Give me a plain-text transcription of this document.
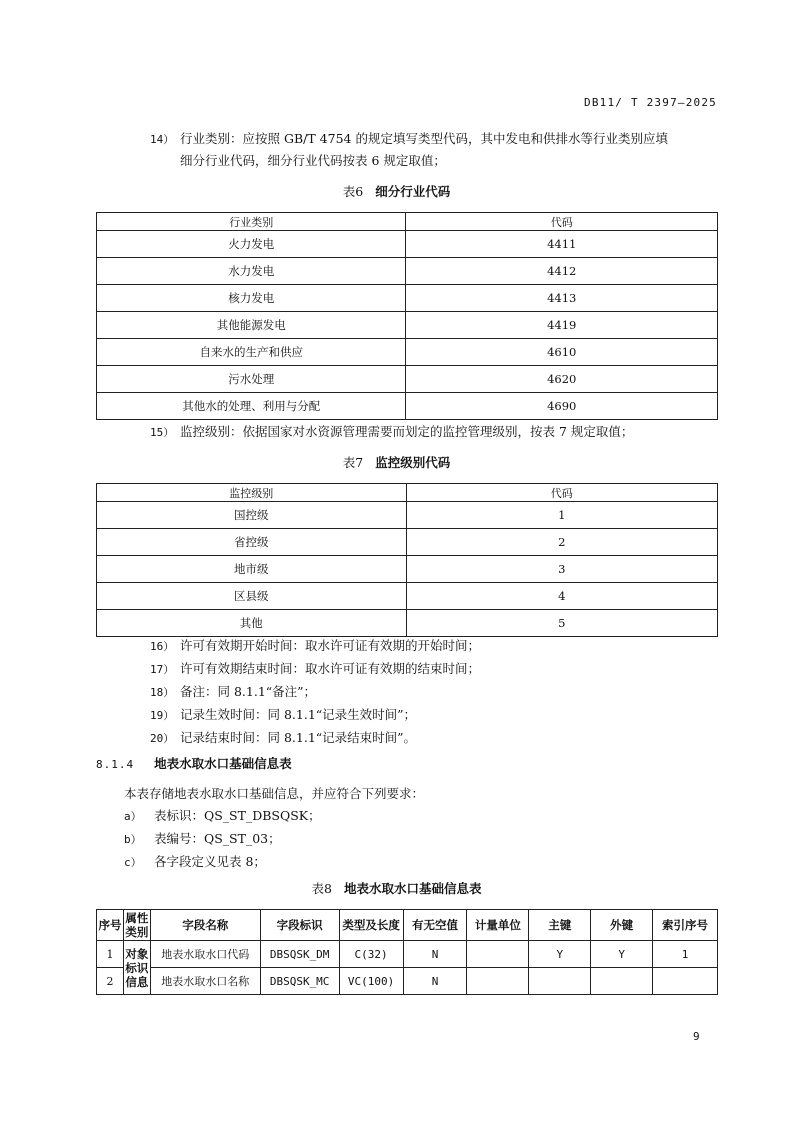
DB11/ T 2397—2025
14） 行业类别：应按照 GB/T 4754 的规定填写类型代码，其中发电和供排水等行业类别应填
细分行业代码，细分行业代码按表 6 规定取值；
表6 细分行业代码
行业类别	代码
火力发电	4411
水力发电	4412
核力发电	4413
其他能源发电	4419
自来水的生产和供应	4610
污水处理	4620
其他水的处理、利用与分配	4690
15） 监控级别：依据国家对水资源管理需要而划定的监控管理级别，按表 7 规定取值；
表7 监控级别代码
监控级别	代码
国控级	1
省控级	2
地市级	3
区县级	4
其他	5
16） 许可有效期开始时间：取水许可证有效期的开始时间；
17） 许可有效期结束时间：取水许可证有效期的结束时间；
18） 备注：同 8.1.1“备注”；
19） 记录生效时间：同 8.1.1“记录生效时间”；
20） 记录结束时间：同 8.1.1“记录结束时间”。
8.1.4 地表水取水口基础信息表
本表存储地表水取水口基础信息，并应符合下列要求：
a） 表标识：QS_ST_DBSQSK；
b） 表编号：QS_ST_03；
c） 各字段定义见表 8；
表8 地表水取水口基础信息表
序号	属性类别	字段名称	字段标识	类型及长度	有无空值	计量单位	主键	外键	索引序号
1	对象标识信息	地表水取水口代码	DBSQSK_DM	C(32)	N		Y	Y	1
2		地表水取水口名称	DBSQSK_MC	VC(100)	N				
9
